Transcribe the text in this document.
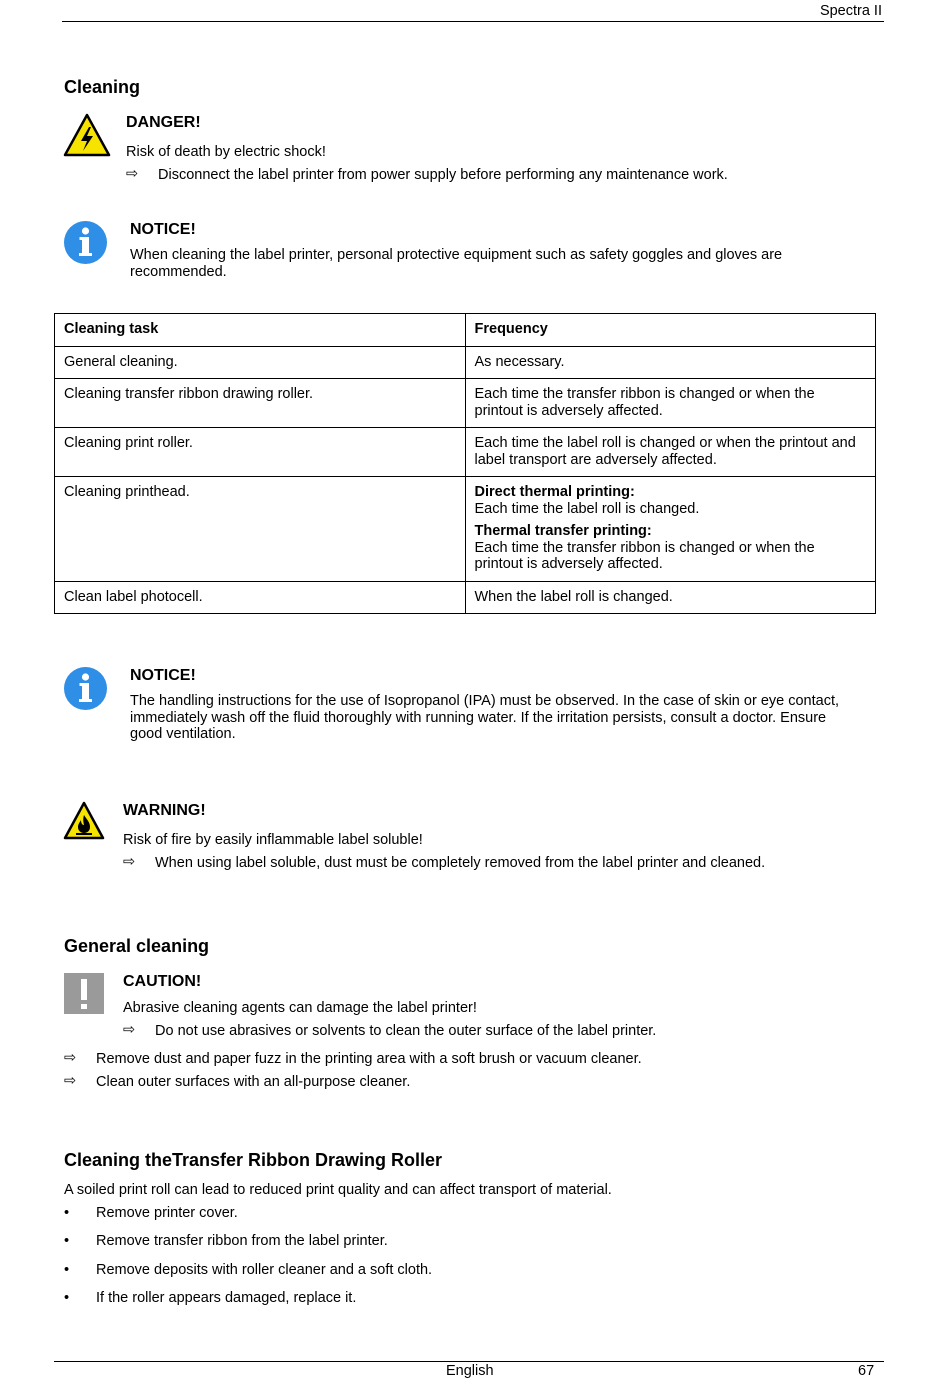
Spectra II
Cleaning
DANGER!
Risk of death by electric shock!
⇨ Disconnect the label printer from power supply before performing any maintenance work.
NOTICE!
When cleaning the label printer, personal protective equipment such as safety goggles and gloves are
recommended.
Cleaning task	Frequency
General cleaning.	As necessary.
Cleaning transfer ribbon drawing roller.	Each time the transfer ribbon is changed or when the printout is adversely affected.
Cleaning print roller.	Each time the label roll is changed or when the printout and label transport are adversely affected.
Cleaning printhead.	Direct thermal printing:
Each time the label roll is changed.
Thermal transfer printing:
Each time the transfer ribbon is changed or when the printout is adversely affected.

Clean label photocell.	When the label roll is changed.
NOTICE!
The handling instructions for the use of Isopropanol (IPA) must be observed. In the case of skin or eye contact,
immediately wash off the fluid thoroughly with running water. If the irritation persists, consult a doctor. Ensure
good ventilation.
WARNING!
Risk of fire by easily inflammable label soluble!
⇨ When using label soluble, dust must be completely removed from the label printer and cleaned.
General cleaning
CAUTION!
Abrasive cleaning agents can damage the label printer!
⇨ Do not use abrasives or solvents to clean the outer surface of the label printer.
⇨ Remove dust and paper fuzz in the printing area with a soft brush or vacuum cleaner.
⇨ Clean outer surfaces with an all-purpose cleaner.
Cleaning theTransfer Ribbon Drawing Roller
A soiled print roll can lead to reduced print quality and can affect transport of material.
• Remove printer cover.
• Remove transfer ribbon from the label printer.
• Remove deposits with roller cleaner and a soft cloth.
• If the roller appears damaged, replace it.
English	67
